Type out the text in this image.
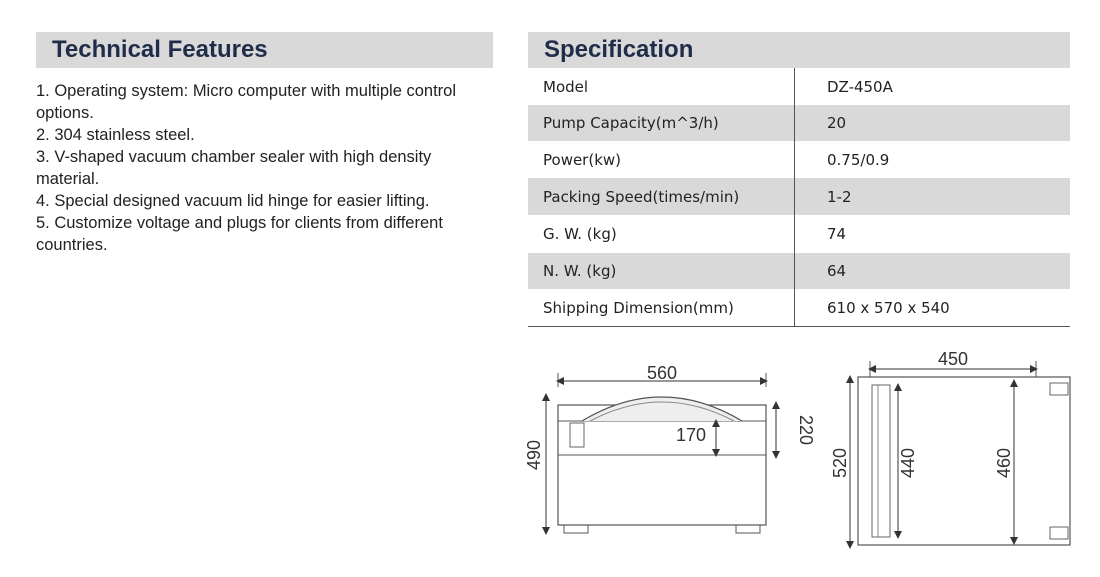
Technical Features
1. Operating system: Micro computer with multiple control options.
2. 304 stainless steel.
3. V-shaped vacuum chamber sealer with high density material.
4. Special designed vacuum lid hinge for easier lifting.
5. Customize voltage and plugs for clients from different countries.
Specification
Model	DZ-450A
Pump Capacity(m^3/h)	20
Power(kw)	0.75/0.9
Packing Speed(times/min)	1-2
G. W. (kg)	74
N. W. (kg)	64
Shipping Dimension(mm)	610 x 570 x 540
560
490
220
170
450
520	440	460
